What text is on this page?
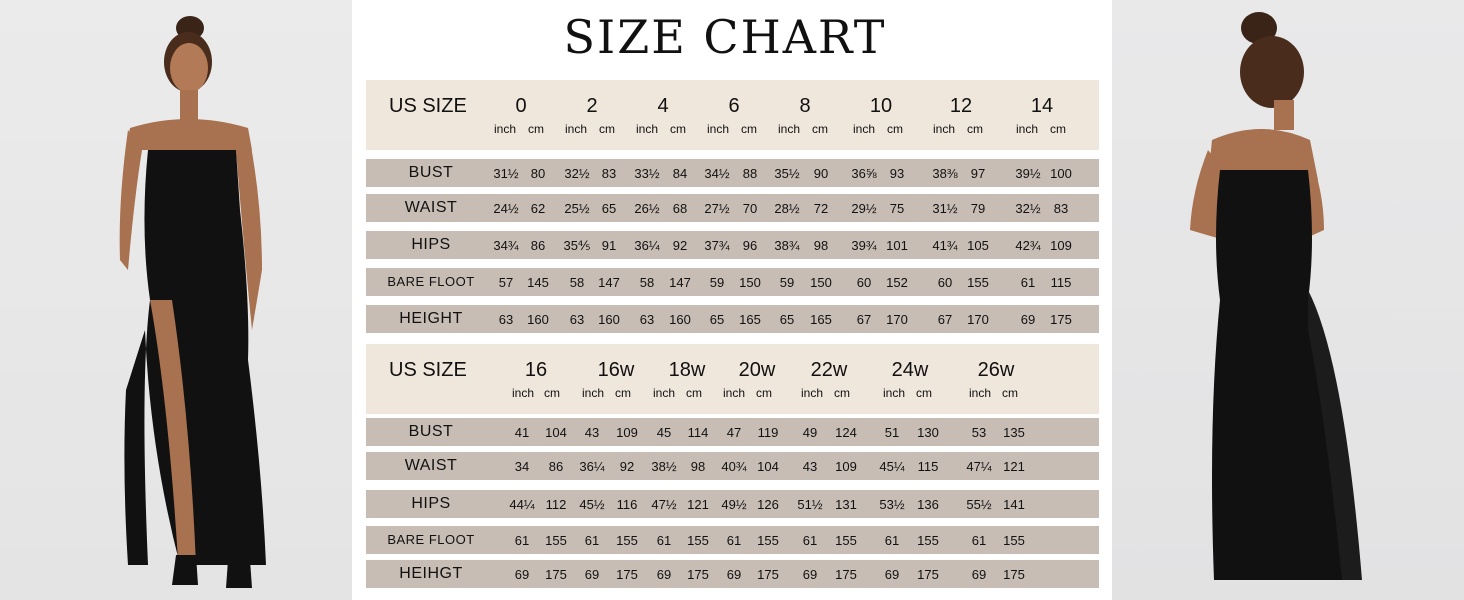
SIZE CHART
US SIZE	0	2	4	6	8	10	12	14
inch cm inch cm inch cm inch cm inch cm inch cm	inch cm	inch cm
BUST	31½ 80	32½ 83	33½	84	34½	88	35½	90	36⅝	93	38⅜	97	39½ 100
WAIST	24½ 62	25½ 65	26½	68	27½	70	28½	72	29½	75	31½	79	32½	83
HIPS	34¾ 86	35⅘ 91	36¼	92	37¾	96	38¾	98	39¾ 101	41¾ 105	42¾ 109
BARE FLOOT	57	145	58	147	58	147	59	150	59	150	60	152	60	155	61	115
HEIGHT	63	160	63	160	63	160	65	165	65	165	67	170	67	170	69	175
US SIZE	16	16w	18w	20w	22w	24w	26w
inch cm inch cm inch cm inch cm inch cm	inch cm	inch cm
BUST	41	104	43	109	45	114	47	119	49	124	51	130	53	135
WAIST	34	86	36¼	92	38½	98	40¾ 104	43	109	45¼ 115	47¼ 121
HIPS	44¼ 112 45½ 116	47½ 121 49½ 126	51½ 131	53½ 136	55½ 141
BARE FLOOT	61	155	61	155	61	155	61	155	61	155	61	155	61	155
HEIHGT	69	175	69	175	69	175	69	175	69	175	69	175	69	175
